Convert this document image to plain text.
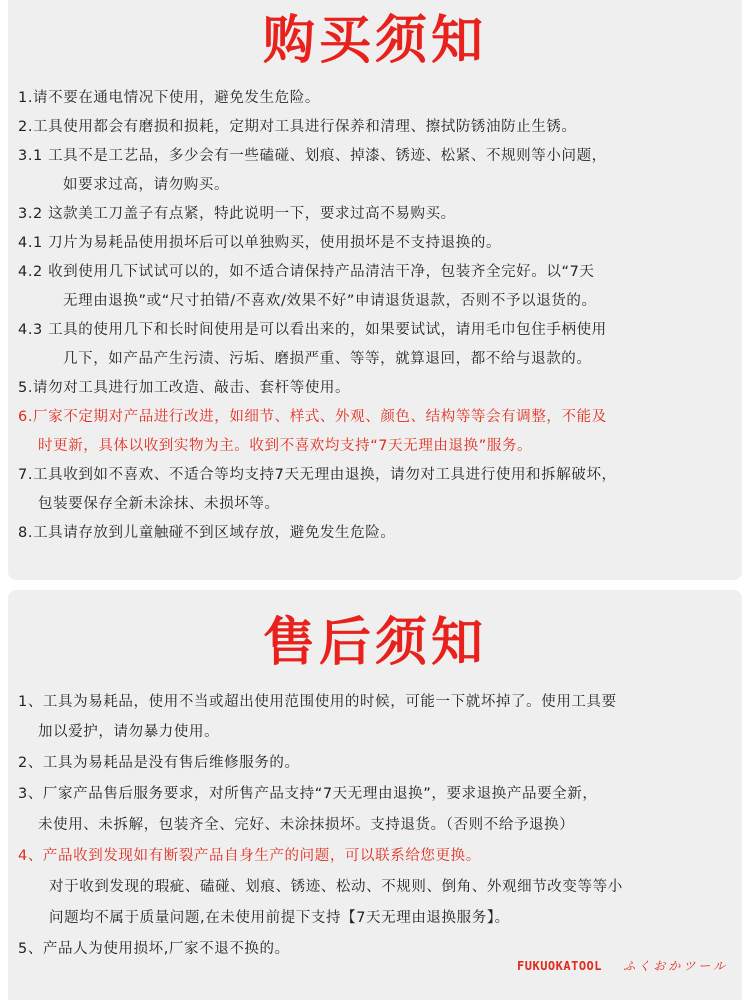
购买须知
1.请不要在通电情况下使用，避免发生危险。
2.工具使用都会有磨损和损耗，定期对工具进行保养和清理、擦拭防锈油防止生锈。
3.1 工具不是工艺品，多少会有一些磕碰、划痕、掉漆、锈迹、松紧、不规则等小问题，
如要求过高，请勿购买。
3.2 这款美工刀盖子有点紧，特此说明一下，要求过高不易购买。
4.1 刀片为易耗品使用损坏后可以单独购买，使用损坏是不支持退换的。
4.2 收到使用几下试试可以的，如不适合请保持产品清洁干净，包装齐全完好。以“7天
无理由退换”或“尺寸拍错/不喜欢/效果不好”申请退货退款，否则不予以退货的。
4.3 工具的使用几下和长时间使用是可以看出来的，如果要试试，请用毛巾包住手柄使用
几下，如产品产生污渍、污垢、磨损严重、等等，就算退回，都不给与退款的。
5.请勿对工具进行加工改造、敲击、套杆等使用。
6.厂家不定期对产品进行改进，如细节、样式、外观、颜色、结构等等会有调整，不能及
时更新，具体以收到实物为主。收到不喜欢均支持“7天无理由退换”服务。
7.工具收到如不喜欢、不适合等均支持7天无理由退换，请勿对工具进行使用和拆解破坏，
包装要保存全新未涂抹、未损坏等。
8.工具请存放到儿童触碰不到区域存放，避免发生危险。
售后须知
1、工具为易耗品，使用不当或超出使用范围使用的时候，可能一下就坏掉了。使用工具要
加以爱护，请勿暴力使用。
2、工具为易耗品是没有售后维修服务的。
3、厂家产品售后服务要求，对所售产品支持“7天无理由退换”，要求退换产品要全新，
未使用、未拆解，包装齐全、完好、未涂抹损坏。支持退货。（否则不给予退换）
4、产品收到发现如有断裂产品自身生产的问题，可以联系给您更换。
对于收到发现的瑕疵、磕碰、划痕、锈迹、松动、不规则、倒角、外观细节改变等等小
问题均不属于质量问题,在未使用前提下支持【7天无理由退换服务】。
5、产品人为使用损坏,厂家不退不换的。
FUKUOKATOOL ふくおかツール
